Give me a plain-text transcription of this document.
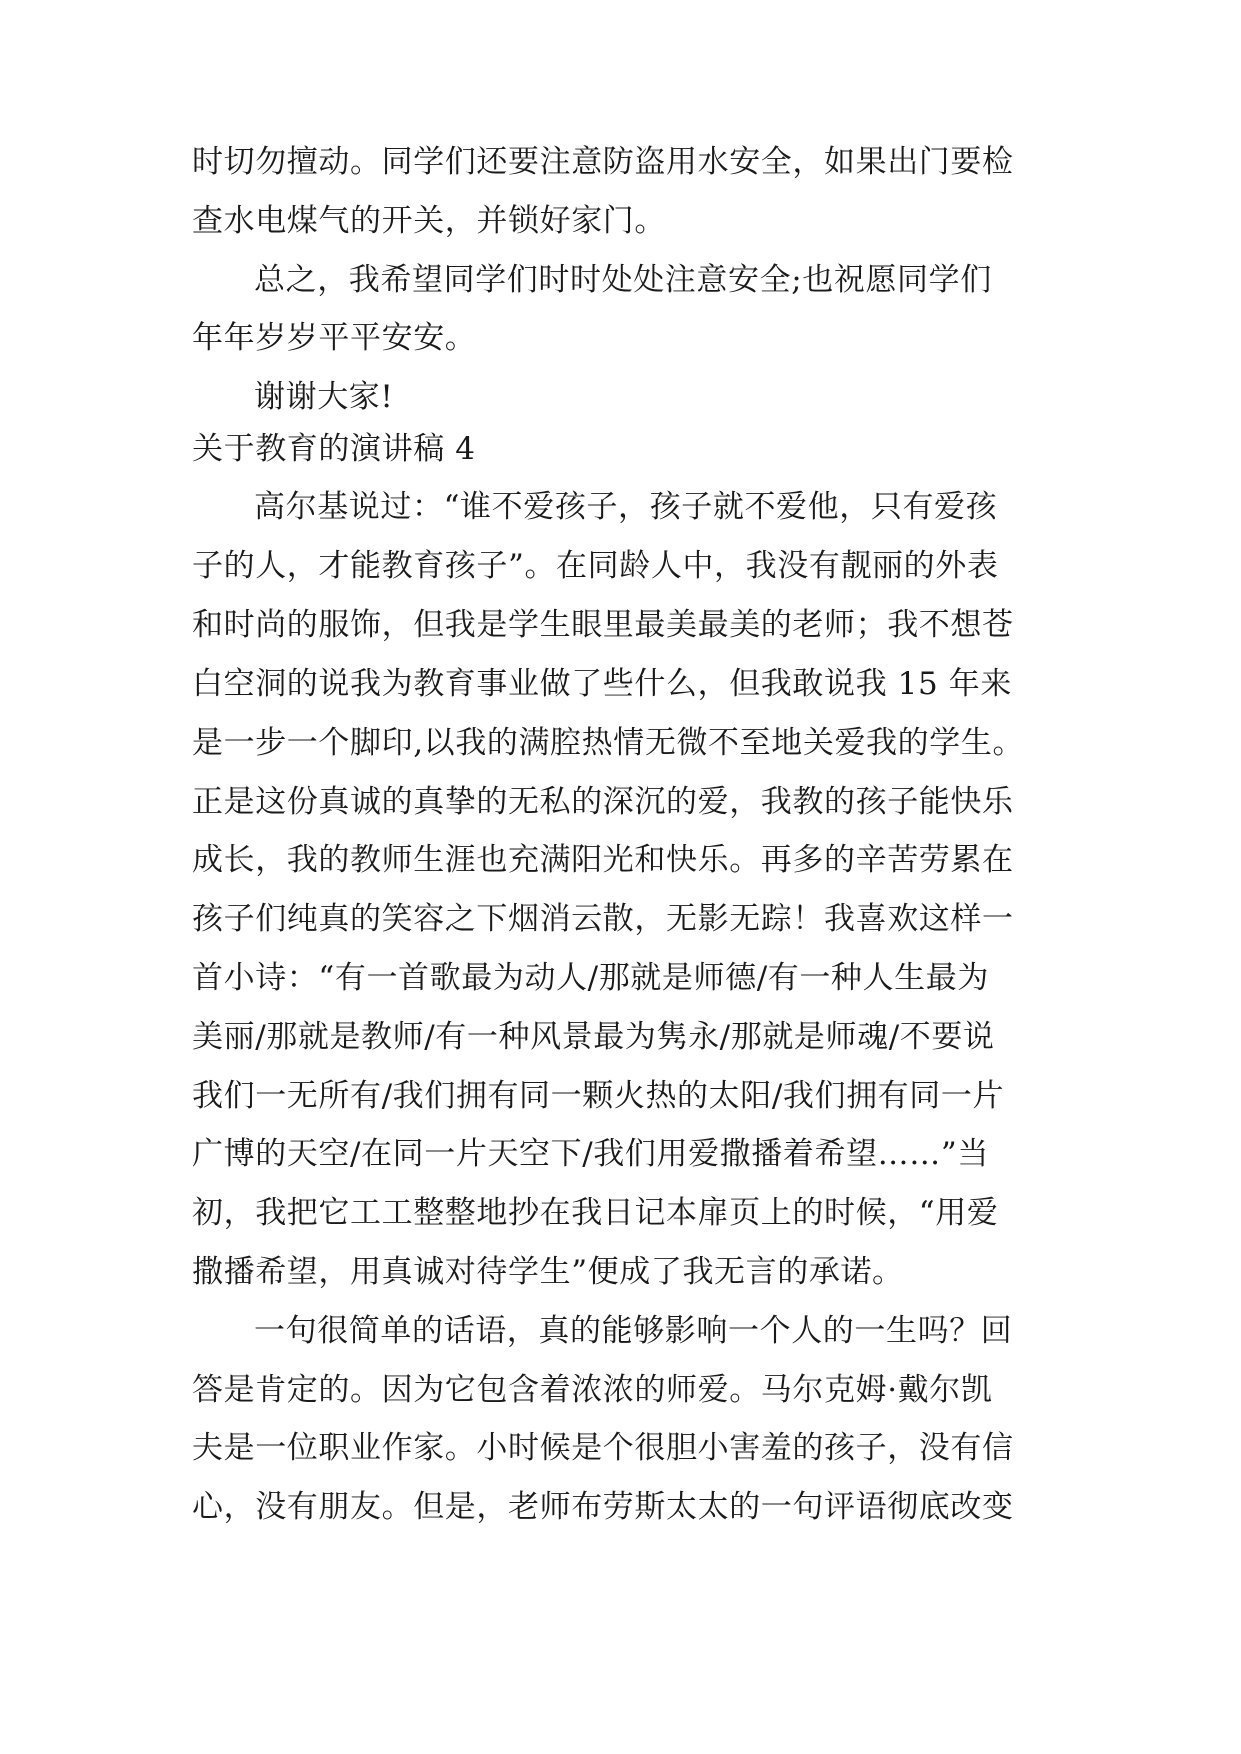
时切勿擅动。同学们还要注意防盗用水安全，如果出门要检
查水电煤气的开关，并锁好家门。
总之，我希望同学们时时处处注意安全;也祝愿同学们
年年岁岁平平安安。
谢谢大家!
关于教育的演讲稿 4
高尔基说过：“谁不爱孩子，孩子就不爱他，只有爱孩
子的人，才能教育孩子”。在同龄人中，我没有靓丽的外表
和时尚的服饰，但我是学生眼里最美最美的老师；我不想苍
白空洞的说我为教育事业做了些什么，但我敢说我 15 年来
是一步一个脚印,以我的满腔热情无微不至地关爱我的学生。
正是这份真诚的真挚的无私的深沉的爱，我教的孩子能快乐
成长，我的教师生涯也充满阳光和快乐。再多的辛苦劳累在
孩子们纯真的笑容之下烟消云散，无影无踪！我喜欢这样一
首小诗：“有一首歌最为动人/那就是师德/有一种人生最为
美丽/那就是教师/有一种风景最为隽永/那就是师魂/不要说
我们一无所有/我们拥有同一颗火热的太阳/我们拥有同一片
广博的天空/在同一片天空下/我们用爱撒播着希望……”当
初，我把它工工整整地抄在我日记本扉页上的时候，“用爱
撒播希望，用真诚对待学生”便成了我无言的承诺。
一句很简单的话语，真的能够影响一个人的一生吗？回
答是肯定的。因为它包含着浓浓的师爱。马尔克姆·戴尔凯
夫是一位职业作家。小时候是个很胆小害羞的孩子，没有信
心，没有朋友。但是，老师布劳斯太太的一句评语彻底改变
